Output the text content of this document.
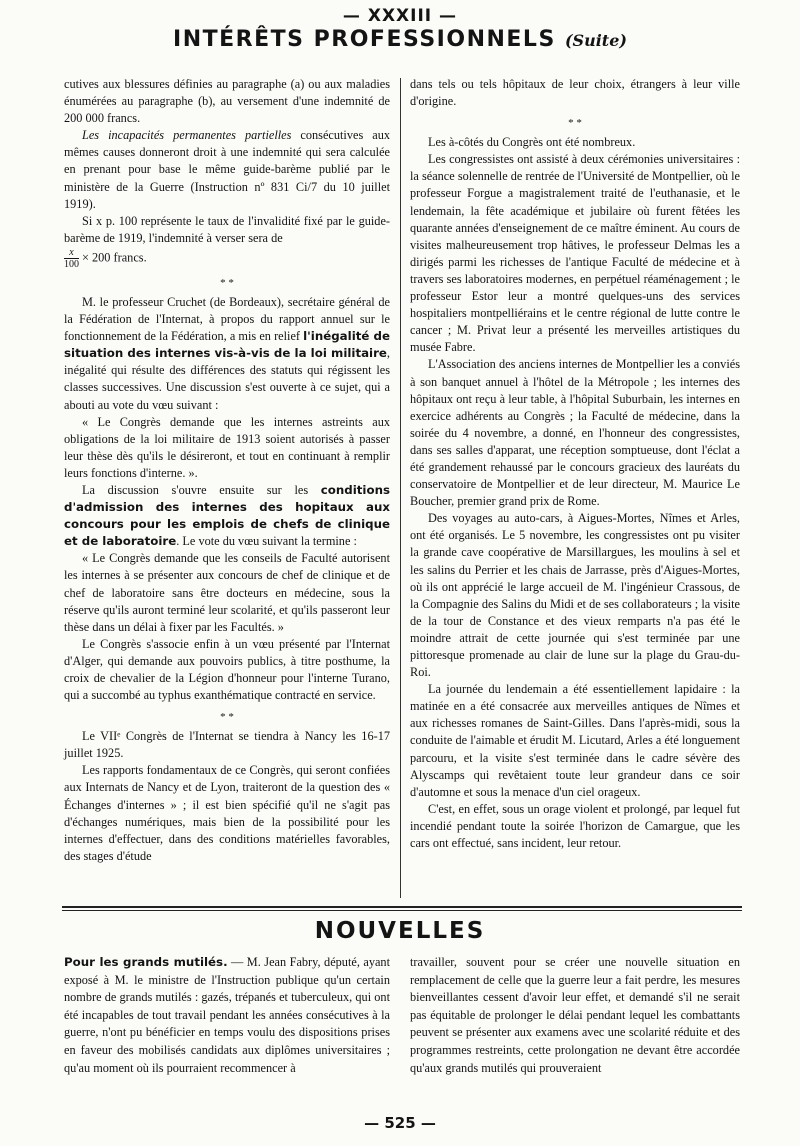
— XXXIII —
INTÉRÊTS PROFESSIONNELS (Suite)

cutives aux blessures définies au paragraphe (a) ou aux maladies énumérées au paragraphe (b), au versement d'une indemnité de 200 000 francs.

Les incapacités permanentes partielles consécutives aux mêmes causes donneront droit à une indemnité qui sera calculée en prenant pour base le même guide-barème publié par le ministère de la Guerre (Instruction nº 831 Ci/7 du 10 juillet 1919).

Si x p. 100 représente le taux de l'invalidité fixé par le guide-barème de 1919, l'indemnité à verser sera de

$\frac{x}{100} \times 200$ francs.

* *

M. le professeur Cruchet (de Bordeaux), secrétaire général de la Fédération de l'Internat, à propos du rapport annuel sur le fonctionnement de la Fédération, a mis en relief l'inégalité de situation des internes vis-à-vis de la loi militaire, inégalité qui résulte des différences des statuts qui régissent les classes successives. Une discussion s'est ouverte à ce sujet, qui a abouti au vote du vœu suivant :

« Le Congrès demande que les internes astreints aux obligations de la loi militaire de 1913 soient autorisés à passer leur thèse dès qu'ils le désireront, et tout en continuant à remplir leurs fonctions d'interne. ».

La discussion s'ouvre ensuite sur les conditions d'admission des internes des hopitaux aux concours pour les emplois de chefs de clinique et de laboratoire. Le vote du vœu suivant la termine :

« Le Congrès demande que les conseils de Faculté autorisent les internes à se présenter aux concours de chef de clinique et de chef de laboratoire sans être docteurs en médecine, sous la réserve qu'ils auront terminé leur scolarité, et qu'ils passeront leur thèse dans un délai à fixer par les Facultés. »

Le Congrès s'associe enfin à un vœu présenté par l'Internat d'Alger, qui demande aux pouvoirs publics, à titre posthume, la croix de chevalier de la Légion d'honneur pour l'interne Turano, qui a succombé au typhus exanthématique contracté en service.

* *

Le VIIᵉ Congrès de l'Internat se tiendra à Nancy les 16-17 juillet 1925.

Les rapports fondamentaux de ce Congrès, qui seront confiées aux Internats de Nancy et de Lyon, traiteront de la question des « Échanges d'internes » ; il est bien spécifié qu'il ne s'agit pas d'échanges numériques, mais bien de la possibilité pour les internes d'effectuer, dans des conditions matérielles favorables, des stages d'étude

dans tels ou tels hôpitaux de leur choix, étrangers à leur ville d'origine.

* *

Les à-côtés du Congrès ont été nombreux.

Les congressistes ont assisté à deux cérémonies universitaires : la séance solennelle de rentrée de l'Université de Montpellier, où le professeur Forgue a magistralement traité de l'euthanasie, et le lendemain, la fête académique et jubilaire où furent fêtées les quarante années d'enseignement de ce maître éminent. Au cours de visites malheureusement trop hâtives, le professeur Delmas les a dirigés parmi les richesses de l'antique Faculté de médecine et à travers ses laboratoires modernes, en perpétuel réaménagement ; le professeur Estor leur a montré quelques-uns des services hospitaliers montpelliérains et le centre régional de lutte contre le cancer ; M. Privat leur a présenté les merveilles artistiques du musée Fabre.

L'Association des anciens internes de Montpellier les a conviés à son banquet annuel à l'hôtel de la Métropole ; les internes des hôpitaux ont reçu à leur table, à l'hôpital Suburbain, les internes en exercice adhérents au Congrès ; la Faculté de médecine, dans la soirée du 4 novembre, a donné, en l'honneur des congressistes, dans ses salles d'apparat, une réception somptueuse, dont l'éclat a été grandement rehaussé par le concours gracieux des lauréats du conservatoire de Montpellier et de leur directeur, M. Maurice Le Boucher, premier grand prix de Rome.

Des voyages au auto-cars, à Aigues-Mortes, Nîmes et Arles, ont été organisés. Le 5 novembre, les congressistes ont pu visiter la grande cave coopérative de Marsillargues, les moulins à sel et les salins du Perrier et les chais de Jarrasse, près d'Aigues-Mortes, où ils ont apprécié le large accueil de M. l'ingénieur Crassous, de la Compagnie des Salins du Midi et de ses collaborateurs ; la visite de la tour de Constance et des vieux remparts n'a pas été le moindre attrait de cette journée qui s'est terminée par une pittoresque promenade au clair de lune sur la plage du Grau-du-Roi.

La journée du lendemain a été essentiellement lapidaire : la matinée en a été consacrée aux merveilles antiques de Nîmes et aux richesses romanes de Saint-Gilles. Dans l'après-midi, sous la conduite de l'aimable et érudit M. Licutard, Arles a été longuement parcouru, et la visite s'est terminée dans le cadre sévère des Alyscamps qui revêtaient toute leur grandeur dans ce soir d'automne et sous la menace d'un ciel orageux.

C'est, en effet, sous un orage violent et prolongé, par lequel fut incendié pendant toute la soirée l'horizon de Camargue, que les cars ont effectué, sans incident, leur retour.

NOUVELLES
Pour les grands mutilés. — M. Jean Fabry, député, ayant exposé à M. le ministre de l'Instruction publique qu'un certain nombre de grands mutilés : gazés, trépanés et tuberculeux, qui ont été incapables de tout travail pendant les années consécutives à la guerre, n'ont pu bénéficier en temps voulu des dispositions prises en faveur des mobilisés candidats aux diplômes universitaires ; qu'au moment où ils pourraient recommencer à
travailler, souvent pour se créer une nouvelle situation en remplacement de celle que la guerre leur a fait perdre, les mesures bienveillantes cessent d'avoir leur effet, et demandé s'il ne serait pas équitable de prolonger le délai pendant lequel les combattants peuvent se présenter aux examens avec une scolarité réduite et des programmes restreints, cette prolongation ne devant être accordée qu'aux grands mutilés qui prouveraient
— 525 —
